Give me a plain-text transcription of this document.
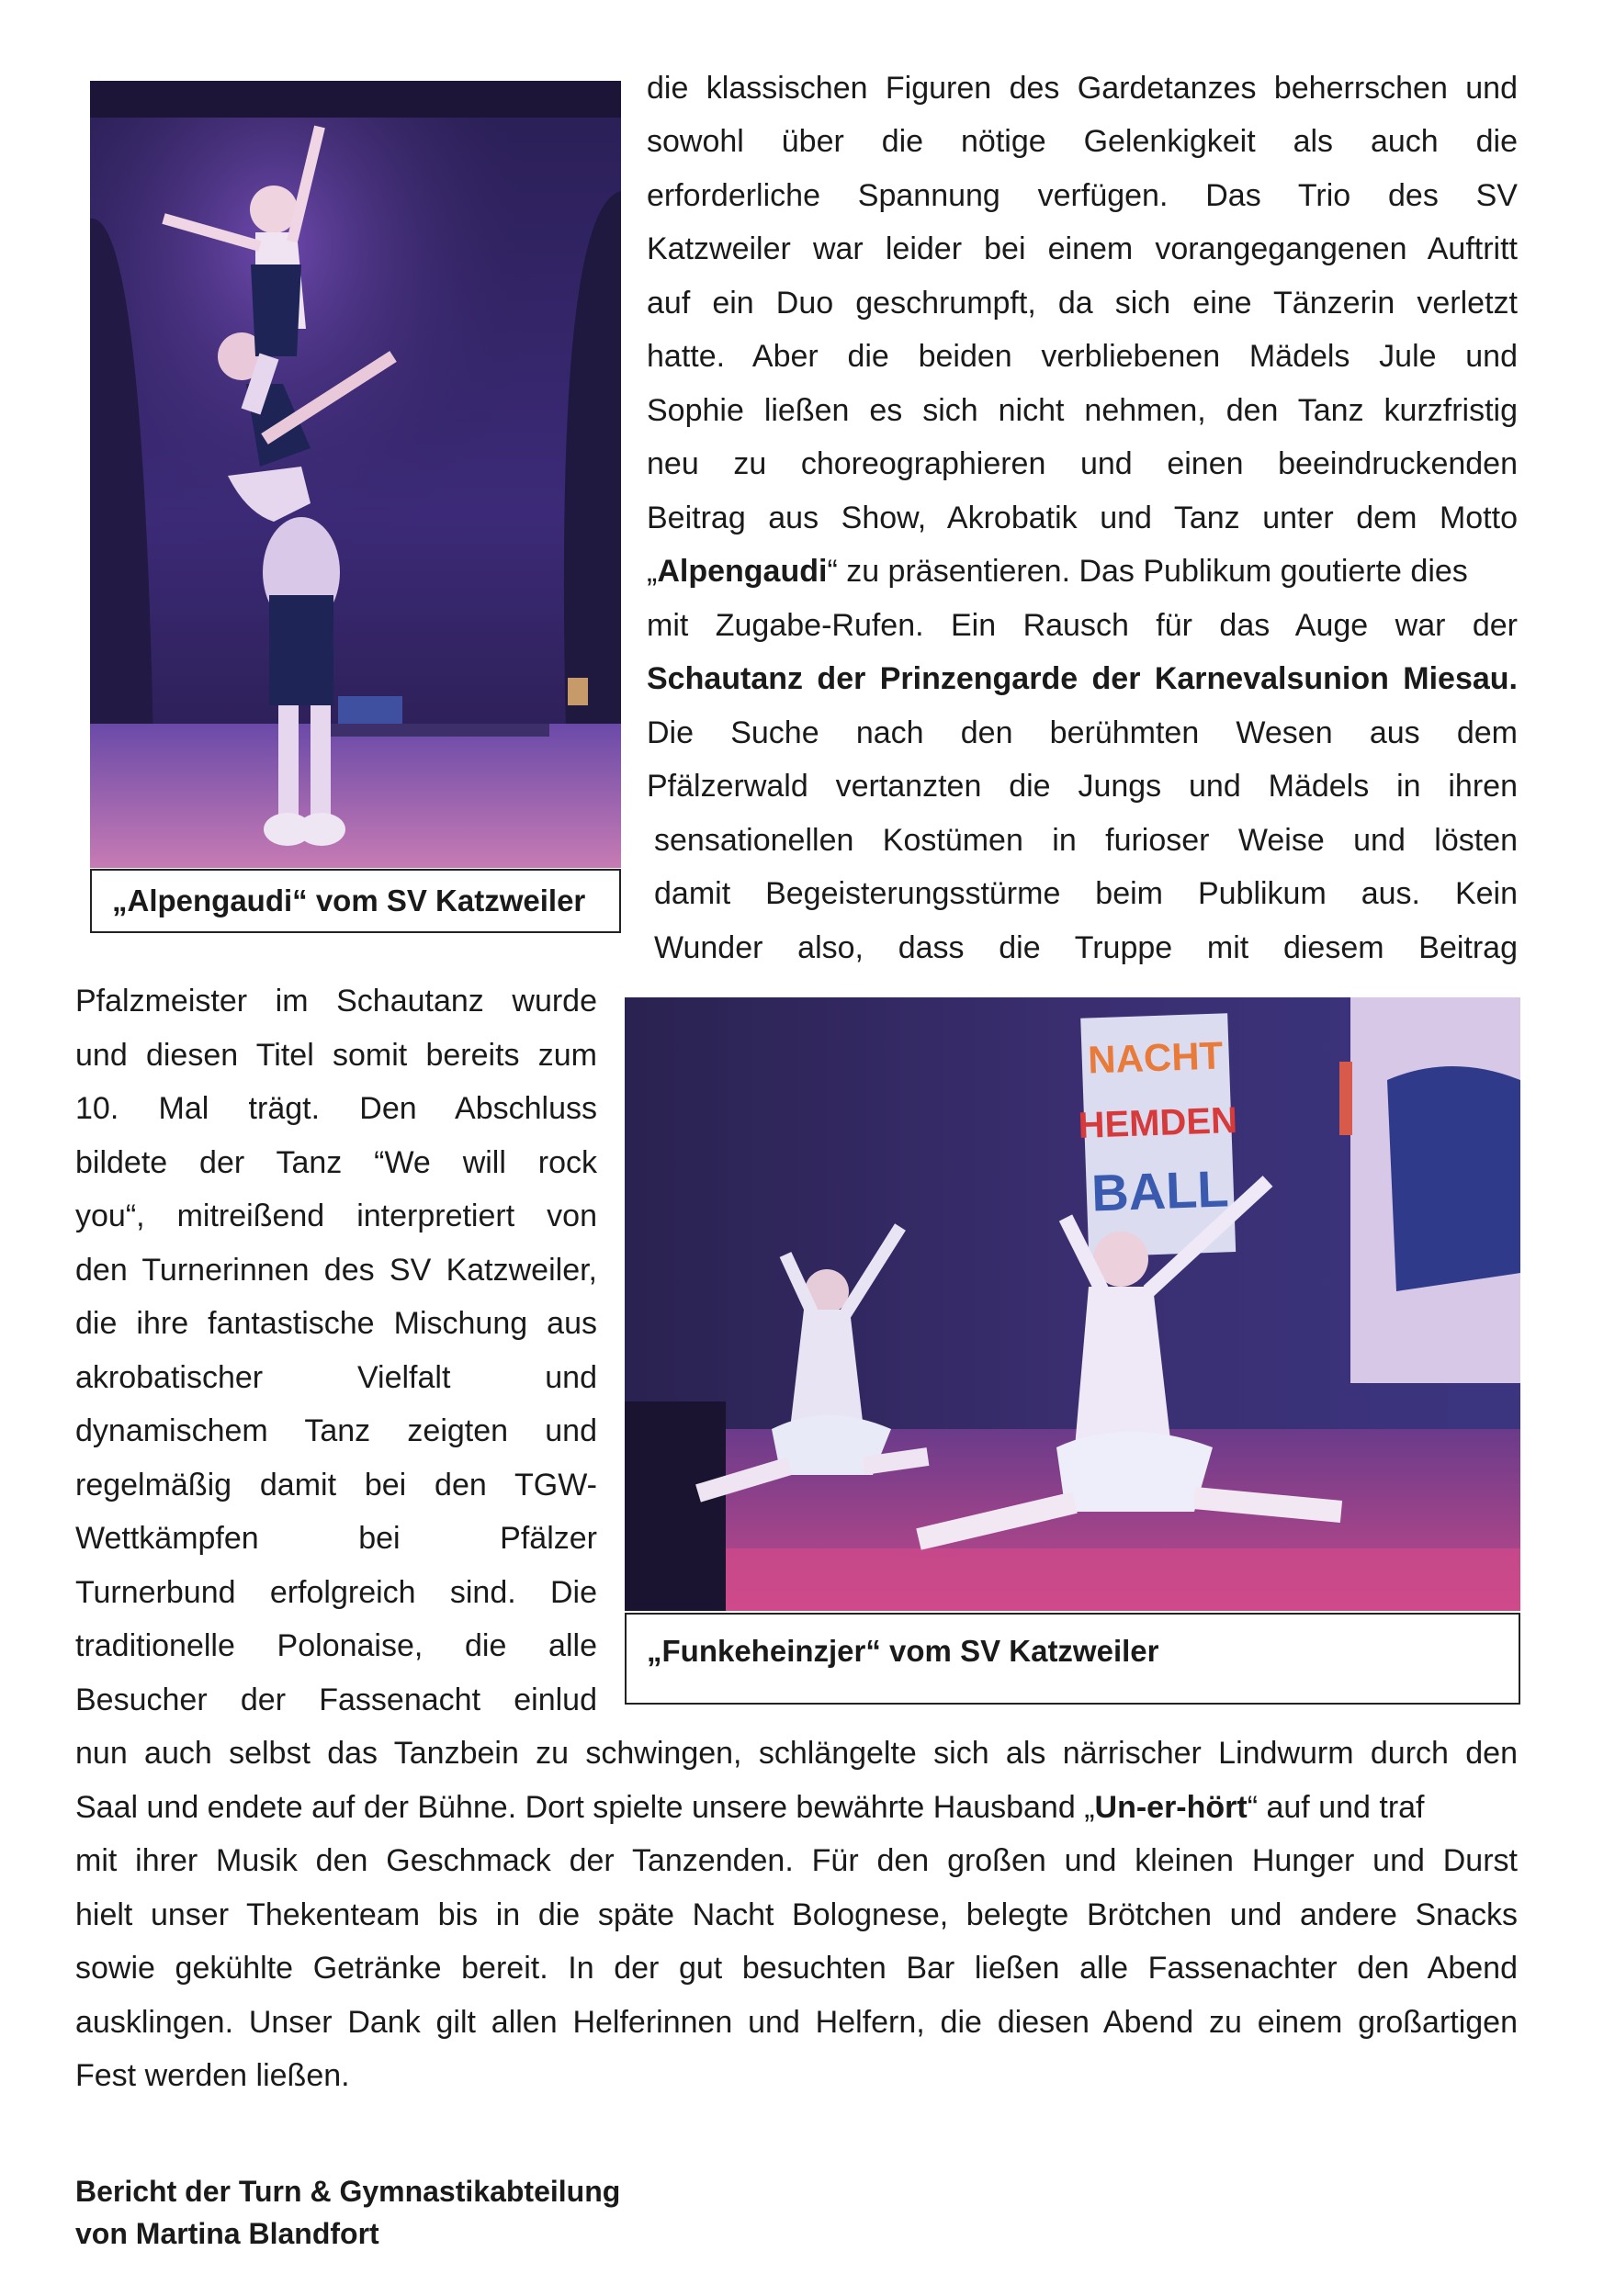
„Alpengaudi“ vom SV Katzweiler

die klassischen Figuren des Gardetanzes beherrschen und

sowohl über die nötige Gelenkigkeit als auch die

erforderliche Spannung verfügen. Das Trio des SV

Katzweiler war leider bei einem vorangegangenen Auftritt

auf ein Duo geschrumpft, da sich eine Tänzerin verletzt

hatte. Aber die beiden verbliebenen Mädels Jule und

Sophie ließen es sich nicht nehmen, den Tanz kurzfristig

neu zu choreographieren und einen beeindruckenden

Beitrag aus Show, Akrobatik und Tanz unter dem Motto

„Alpengaudi“ zu präsentieren. Das Publikum goutierte dies

mit Zugabe-Rufen. Ein Rausch für das Auge war der

Schautanz der Prinzengarde der Karnevalsunion Miesau.

Die Suche nach den berühmten Wesen aus dem

Pfälzerwald vertanzten die Jungs und Mädels in ihren

sensationellen Kostümen in furioser Weise und lösten

damit Begeisterungsstürme beim Publikum aus. Kein

Wunder also, dass die Truppe mit diesem Beitrag

NACHT
HEMDEN
BALL
„Funkeheinzjer“ vom SV Katzweiler

Pfalzmeister im Schautanz wurde

und diesen Titel somit bereits zum

10. Mal trägt. Den Abschluss

bildete der Tanz “We will rock

you“, mitreißend interpretiert von

den Turnerinnen des SV Katzweiler,

die ihre fantastische Mischung aus

akrobatischer Vielfalt und

dynamischem Tanz zeigten und

regelmäßig damit bei den TGW-

Wettkämpfen bei Pfälzer

Turnerbund erfolgreich sind. Die

traditionelle Polonaise, die alle

Besucher der Fassenacht einlud

nun auch selbst das Tanzbein zu schwingen, schlängelte sich als närrischer Lindwurm durch den

Saal und endete auf der Bühne. Dort spielte unsere bewährte Hausband „Un-er-hört“ auf und traf

mit ihrer Musik den Geschmack der Tanzenden. Für den großen und kleinen Hunger und Durst

hielt unser Thekenteam bis in die späte Nacht Bolognese, belegte Brötchen und andere Snacks

sowie gekühlte Getränke bereit. In der gut besuchten Bar ließen alle Fassenachter den Abend

ausklingen. Unser Dank gilt allen Helferinnen und Helfern, die diesen Abend zu einem großartigen

Fest werden ließen.

Bericht der Turn & Gymnastikabteilung
von Martina Blandfort
